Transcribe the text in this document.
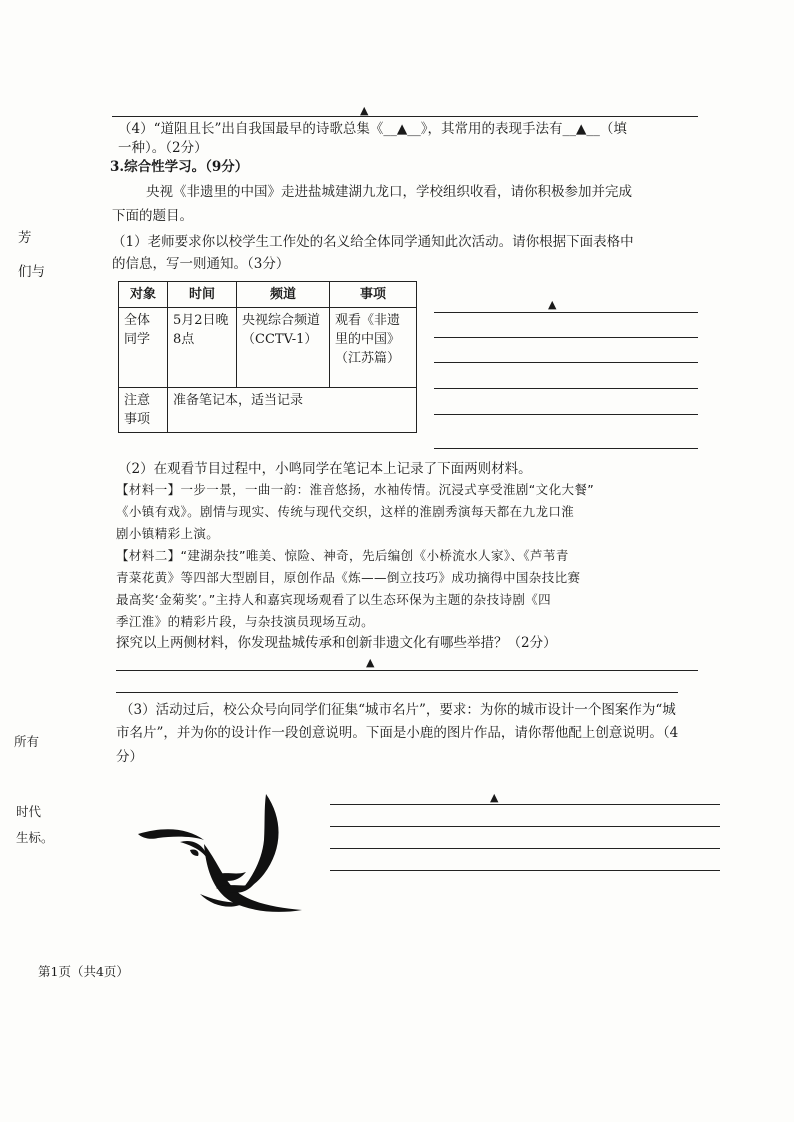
芳
们与
所有
时代
生标。
▲
（4）“道阻且长”出自我国最早的诗歌总集《__▲__》，其常用的表现手法有__▲__（填
一种）。（2分）
3.综合性学习。（9分）
央视《非遗里的中国》走进盐城建湖九龙口，学校组织收看，请你积极参加并完成
下面的题目。
（1）老师要求你以校学生工作处的名义给全体同学通知此次活动。请你根据下面表格中
的信息，写一则通知。（3分）
对象	时间	频道	事项
全体同学	5月2日晚8点	央视综合频道（CCTV-1）	观看《非遗里的中国》（江苏篇）
注意事项	准备笔记本，适当记录		
▲
（2）在观看节目过程中，小鸣同学在笔记本上记录了下面两则材料。
【材料一】一步一景，一曲一韵：淮音悠扬，水袖传情。沉浸式享受淮剧“文化大餐”
《小镇有戏》。剧情与现实、传统与现代交织，这样的淮剧秀演每天都在九龙口淮
剧小镇精彩上演。
【材料二】“建湖杂技”唯美、惊险、神奇，先后编创《小桥流水人家》、《芦苇青
青菜花黄》等四部大型剧目，原创作品《炼——倒立技巧》成功摘得中国杂技比赛
最高奖‘金菊奖’。”主持人和嘉宾现场观看了以生态环保为主题的杂技诗剧《四
季江淮》的精彩片段，与杂技演员现场互动。
探究以上两侧材料，你发现盐城传承和创新非遗文化有哪些举措？（2分）
▲
（3）活动过后，校公众号向同学们征集“城市名片”，要求：为你的城市设计一个图案作为“城
市名片”，并为你的设计作一段创意说明。下面是小鹿的图片作品，请你帮他配上创意说明。（4
分）
▲
第1页（共4页）
